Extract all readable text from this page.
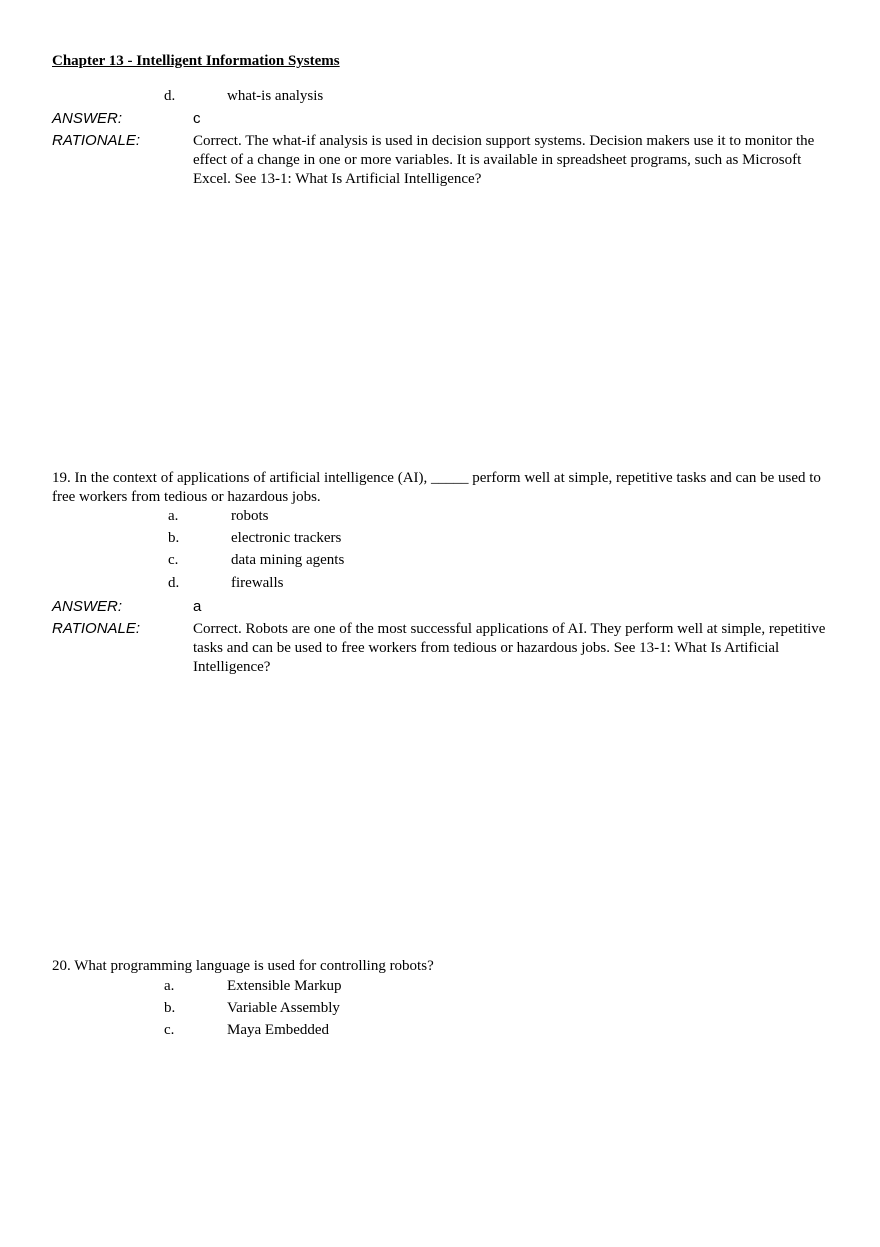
Chapter 13 - Intelligent Information Systems
d.	what-is analysis
ANSWER:	c
RATIONALE:	Correct. The what-if analysis is used in decision support systems. Decision makers use it to monitor the effect of a change in one or more variables. It is available in spreadsheet programs, such as Microsoft Excel. See 13-1: What Is Artificial Intelligence?
19. In the context of applications of artificial intelligence (AI), _____ perform well at simple, repetitive tasks and can be used to free workers from tedious or hazardous jobs.
a.	robots
b.	electronic trackers
c.	data mining agents
d.	firewalls
ANSWER:	a
RATIONALE:	Correct. Robots are one of the most successful applications of AI. They perform well at simple, repetitive tasks and can be used to free workers from tedious or hazardous jobs. See 13-1: What Is Artificial Intelligence?
20. What programming language is used for controlling robots?
a.	Extensible Markup
b.	Variable Assembly
c.	Maya Embedded
